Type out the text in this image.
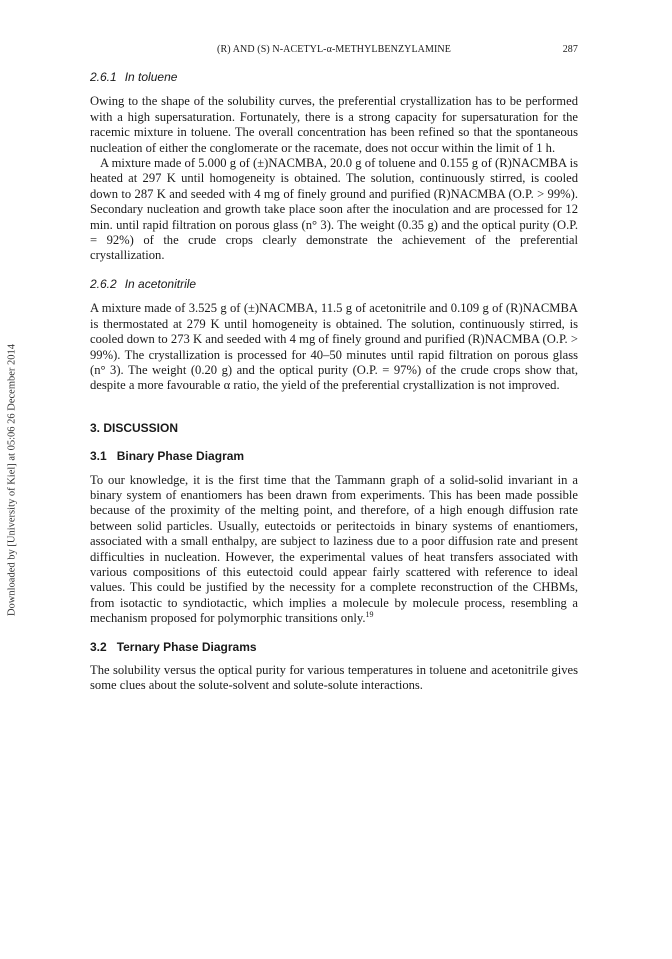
Downloaded by [University of Kiel] at 05:06 26 December 2014
(R) AND (S) N-ACETYL-α-METHYLBENZYLAMINE	287
2.6.1 In toluene

Owing to the shape of the solubility curves, the preferential crystallization has to be performed with a high supersaturation. Fortunately, there is a strong capacity for supersaturation for the racemic mixture in toluene. The overall concentration has been refined so that the spontaneous nucleation of either the conglomerate or the racemate, does not occur within the limit of 1 h.

A mixture made of 5.000 g of (±)NACMBA, 20.0 g of toluene and 0.155 g of (R)NACMBA is heated at 297 K until homogeneity is obtained. The solution, continuously stirred, is cooled down to 287 K and seeded with 4 mg of finely ground and purified (R)NACMBA (O.P. > 99%). Secondary nucleation and growth take place soon after the inoculation and are processed for 12 min. until rapid filtration on porous glass (n° 3). The weight (0.35 g) and the optical purity (O.P. = 92%) of the crude crops clearly demonstrate the achievement of the preferential crystallization.

2.6.2 In acetonitrile

A mixture made of 3.525 g of (±)NACMBA, 11.5 g of acetonitrile and 0.109 g of (R)NACMBA is thermostated at 279 K until homogeneity is obtained. The solution, continuously stirred, is cooled down to 273 K and seeded with 4 mg of finely ground and purified (R)NACMBA (O.P. > 99%). The crystallization is processed for 40–50 minutes until rapid filtration on porous glass (n° 3). The weight (0.20 g) and the optical purity (O.P. = 97%) of the crude crops show that, despite a more favourable α ratio, the yield of the preferential crystallization is not improved.

3. DISCUSSION
3.1 Binary Phase Diagram

To our knowledge, it is the first time that the Tammann graph of a solid-solid invariant in a binary system of enantiomers has been drawn from experiments. This has been made possible because of the proximity of the melting point, and therefore, of a high enough diffusion rate between solid particles. Usually, eutectoids or peritectoids in binary systems of enantiomers, associated with a small enthalpy, are subject to laziness due to a poor diffusion rate and present difficulties in nucleation. However, the experimental values of heat transfers associated with various compositions of this eutectoid could appear fairly scattered with reference to ideal values. This could be justified by the necessity for a complete reconstruction of the CHBMs, from isotactic to syndiotactic, which implies a molecule by molecule process, resembling a mechanism proposed for polymorphic transitions only.$^{19}$

3.2 Ternary Phase Diagrams

The solubility versus the optical purity for various temperatures in toluene and acetonitrile gives some clues about the solute-solvent and solute-solute interactions.
